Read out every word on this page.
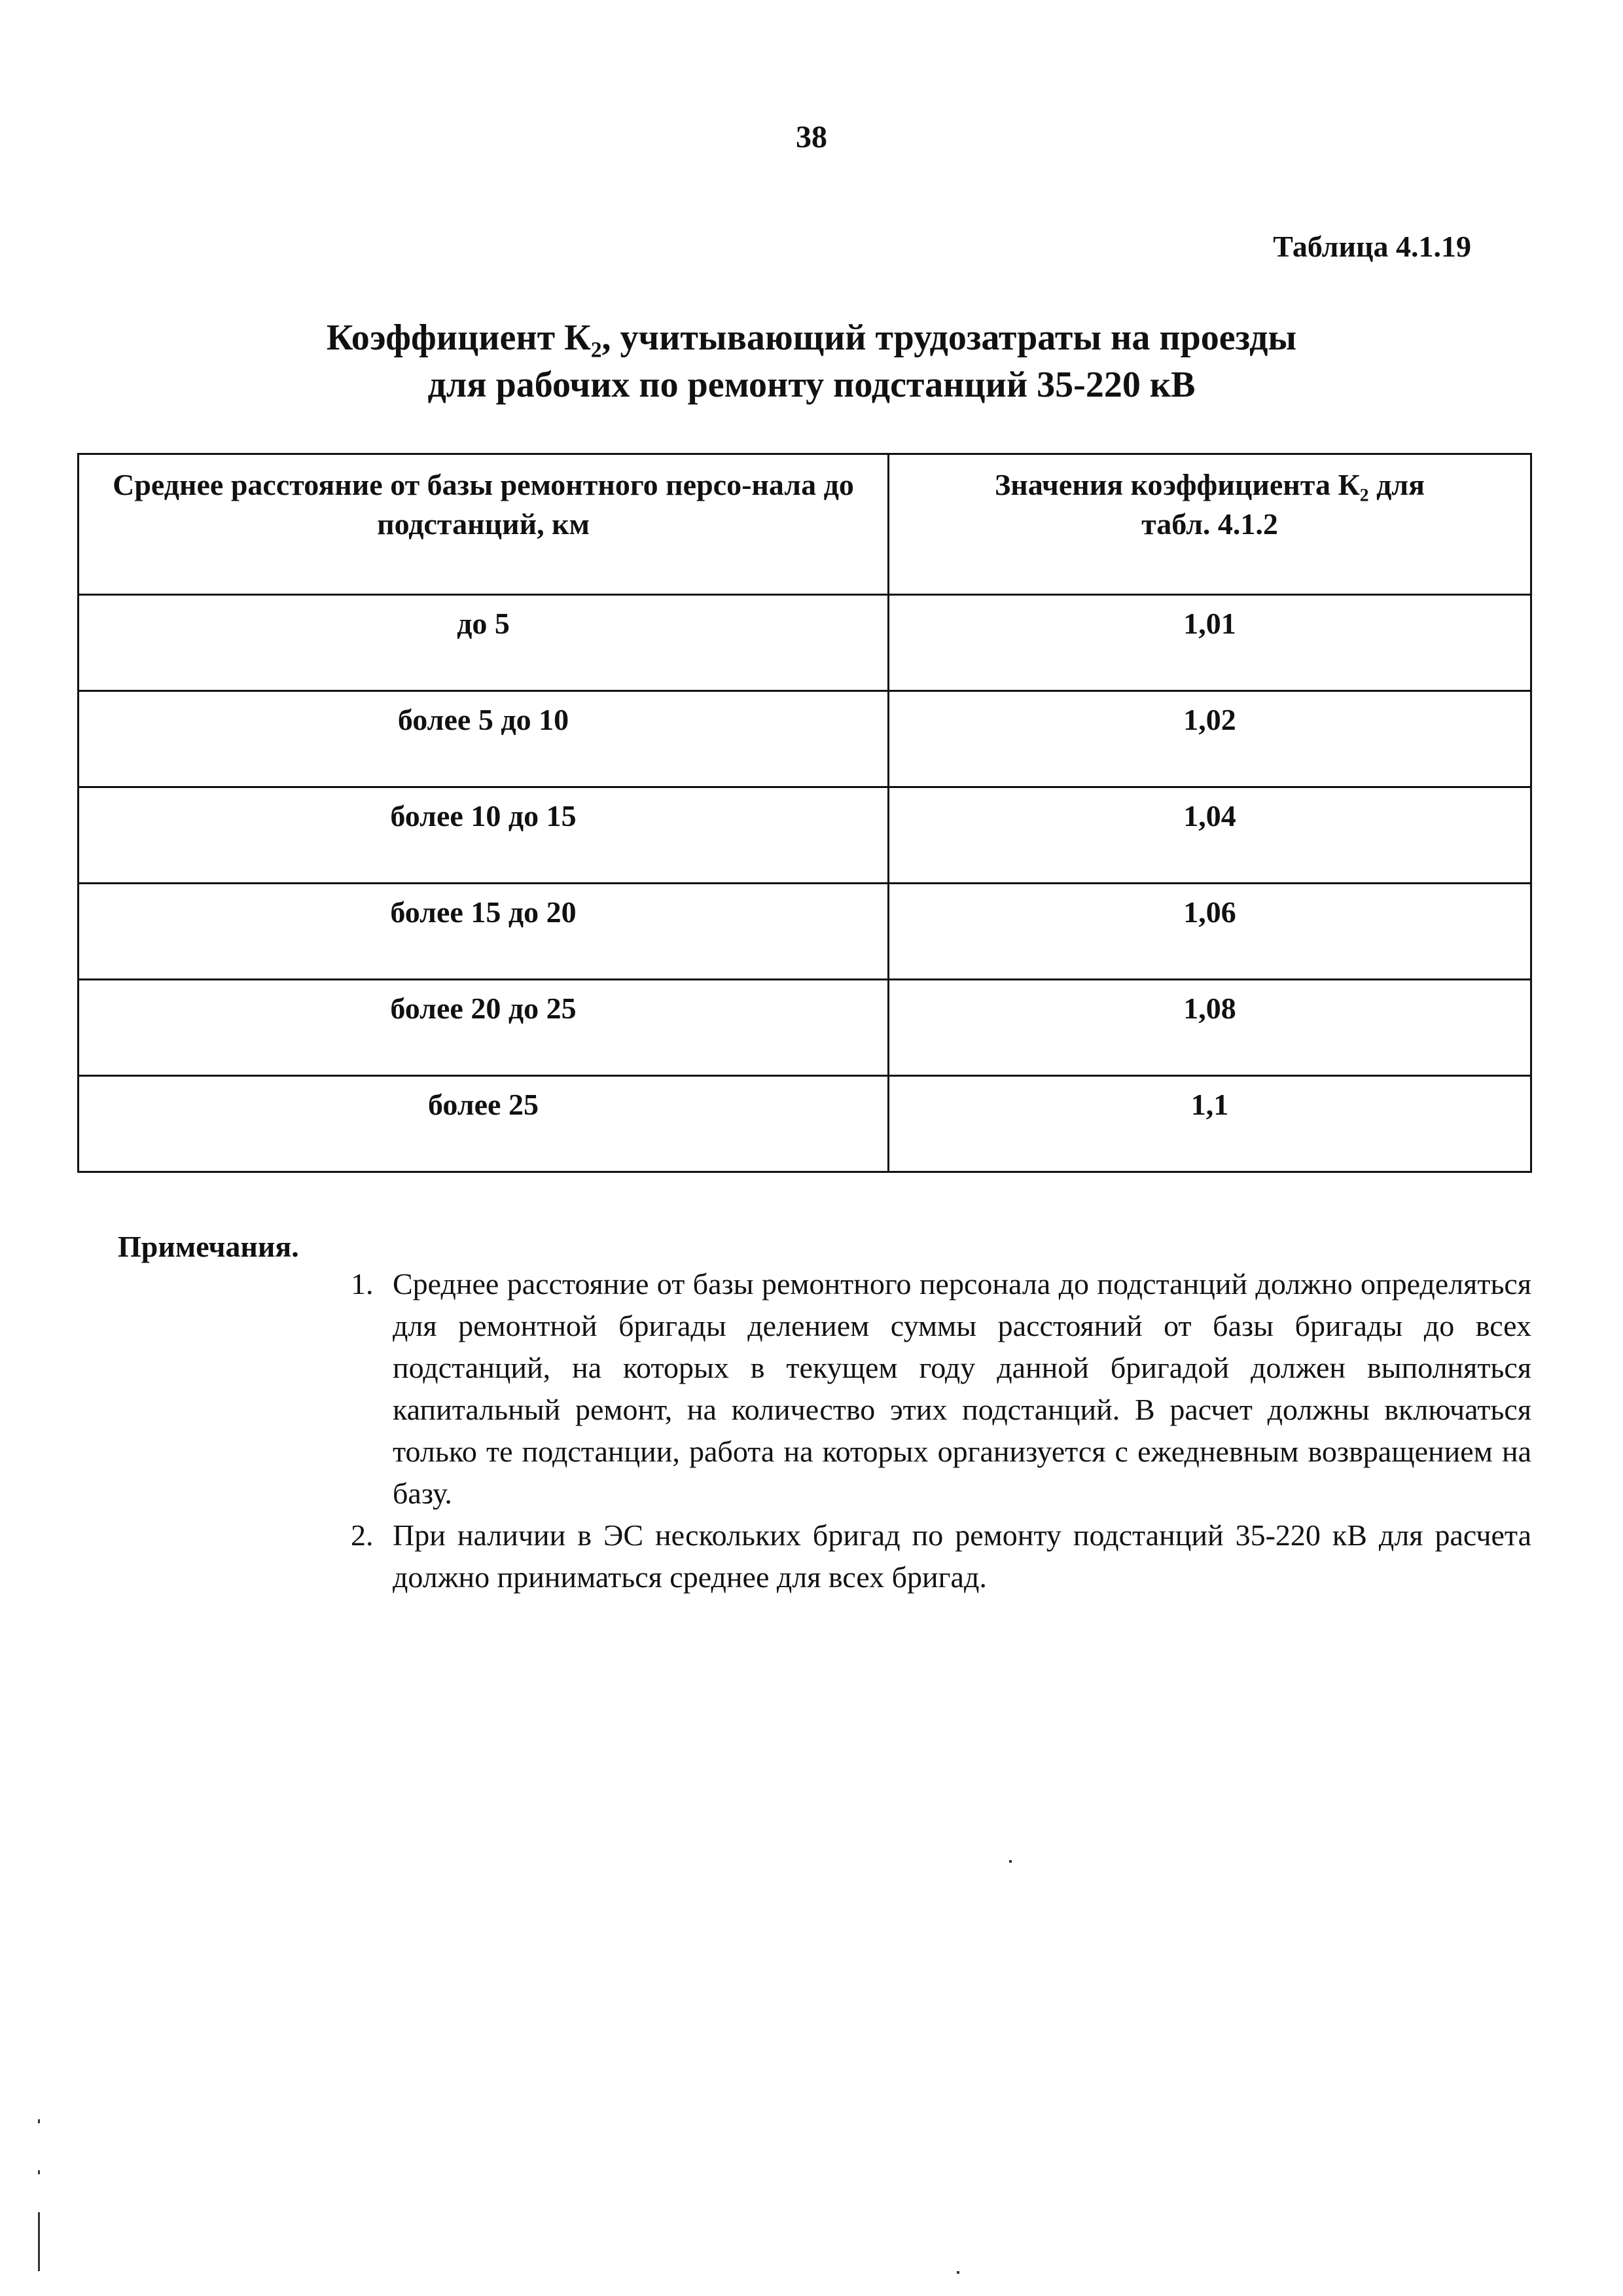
38
Таблица 4.1.19
Коэффициент К₂, учитывающий трудозатраты на проезды
для рабочих по ремонту подстанций 35-220 кВ
Среднее расстояние от базы ремонтного персо-нала до подстанций, км	Значения коэффициента К₂ для табл. 4.1.2
до 5	1,01
более 5 до 10	1,02
более 10 до 15	1,04
более 15 до 20	1,06
более 20 до 25	1,08
более 25	1,1
Примечания.
1. Среднее расстояние от базы ремонтного персонала до подстанций должно определяться для ремонтной бригады делением суммы расстояний от базы бригады до всех подстанций, на которых в текущем году данной бригадой должен выполняться капитальный ремонт, на количество этих подстанций. В расчет должны включаться только те подстанции, работа на которых организуется с ежедневным возвращением на базу.
2. При наличии в ЭС нескольких бригад по ремонту подстанций 35-220 кВ для расчета должно приниматься среднее для всех бригад.
